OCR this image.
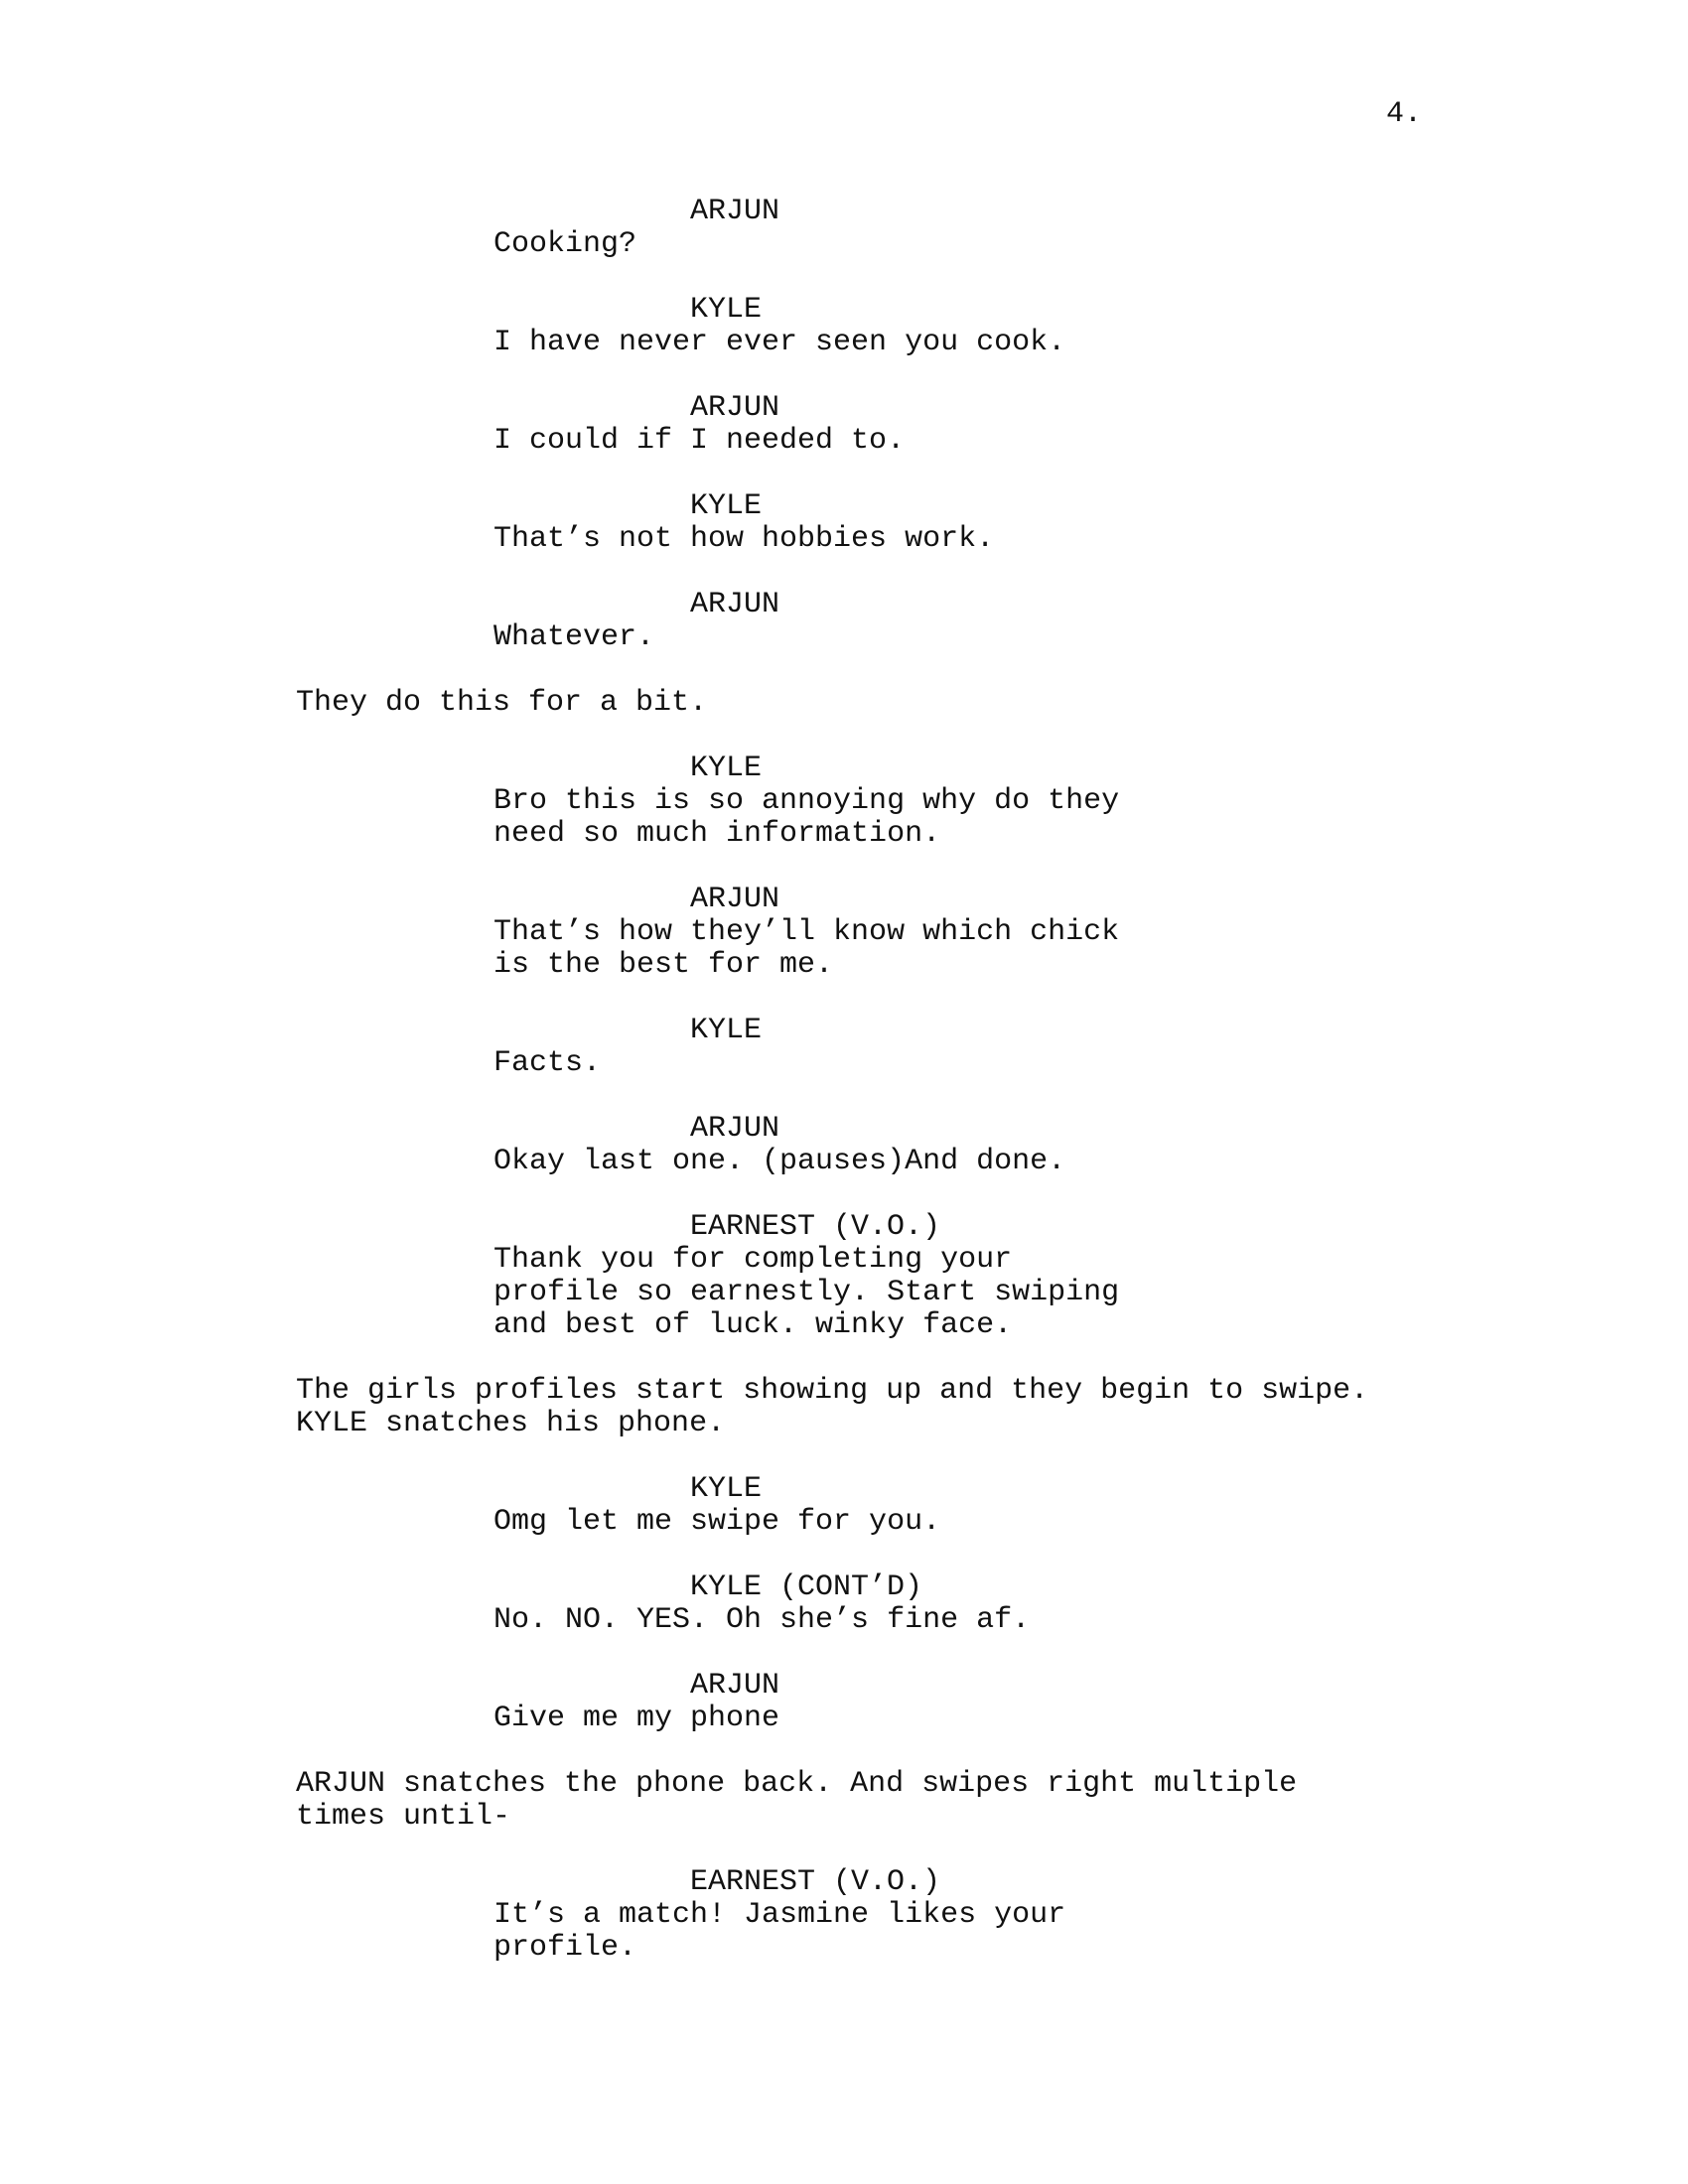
4.
ARJUN
Cooking?
KYLE
I have never ever seen you cook.
ARJUN
I could if I needed to.
KYLE
That’s not how hobbies work.
ARJUN
Whatever.
They do this for a bit.
KYLE
Bro this is so annoying why do they
need so much information.
ARJUN
That’s how they’ll know which chick
is the best for me.
KYLE
Facts.
ARJUN
Okay last one. (pauses)And done.
EARNEST (V.O.)
Thank you for completing your
profile so earnestly. Start swiping
and best of luck. winky face.
The girls profiles start showing up and they begin to swipe.
KYLE snatches his phone.
KYLE
Omg let me swipe for you.
KYLE (CONT’D)
No. NO. YES. Oh she’s fine af.
ARJUN
Give me my phone
ARJUN snatches the phone back. And swipes right multiple
times until-
EARNEST (V.O.)
It’s a match! Jasmine likes your
profile.
